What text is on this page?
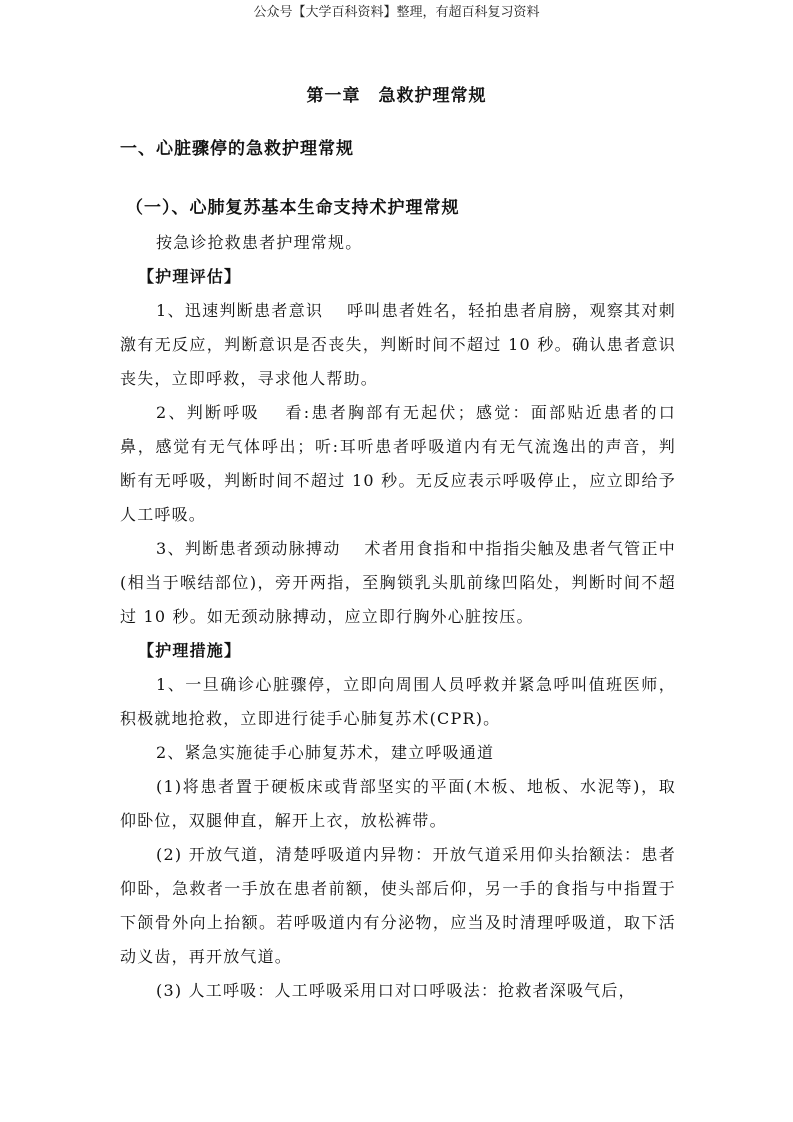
公众号【大学百科资料】整理，有超百科复习资料
第一章　急救护理常规
一、心脏骤停的急救护理常规
（一）、心肺复苏基本生命支持术护理常规

按急诊抢救患者护理常规。

【护理评估】

1、迅速判断患者意识　 呼叫患者姓名，轻拍患者肩膀，观察其对刺激有无反应，判断意识是否丧失，判断时间不超过 10 秒。确认患者意识丧失，立即呼救，寻求他人帮助。

2、判断呼吸　 看:患者胸部有无起伏；感觉：面部贴近患者的口鼻，感觉有无气体呼出；听:耳听患者呼吸道内有无气流逸出的声音，判断有无呼吸，判断时间不超过 10 秒。无反应表示呼吸停止，应立即给予人工呼吸。

3、判断患者颈动脉搏动　 术者用食指和中指指尖触及患者气管正中(相当于喉结部位)，旁开两指，至胸锁乳头肌前缘凹陷处，判断时间不超过 10 秒。如无颈动脉搏动，应立即行胸外心脏按压。

【护理措施】

1、一旦确诊心脏骤停，立即向周围人员呼救并紧急呼叫值班医师，积极就地抢救，立即进行徒手心肺复苏术(CPR)。

2、紧急实施徒手心肺复苏术，建立呼吸通道

(1)将患者置于硬板床或背部坚实的平面(木板、地板、水泥等)，取仰卧位，双腿伸直，解开上衣，放松裤带。

(2) 开放气道，清楚呼吸道内异物：开放气道采用仰头抬额法：患者仰卧，急救者一手放在患者前额，使头部后仰，另一手的食指与中指置于下颌骨外向上抬额。若呼吸道内有分泌物，应当及时清理呼吸道，取下活动义齿，再开放气道。

(3) 人工呼吸：人工呼吸采用口对口呼吸法：抢救者深吸气后，
